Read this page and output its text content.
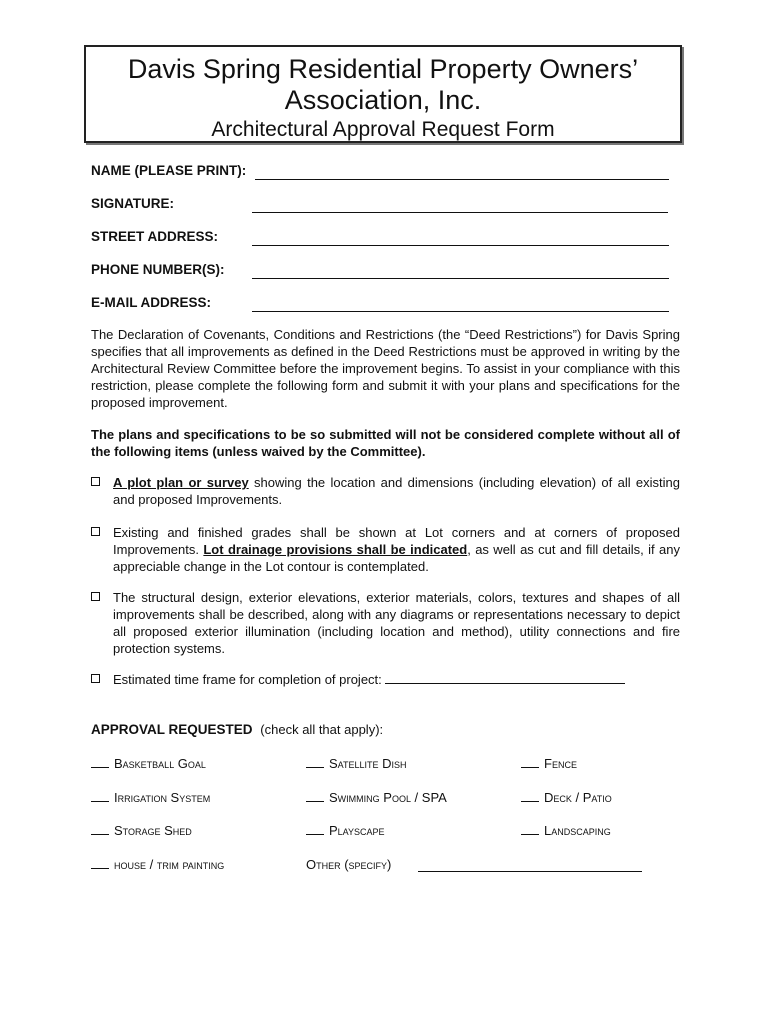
Davis Spring Residential Property Owners’
Association, Inc.
Architectural Approval Request Form
NAME (PLEASE PRINT):
SIGNATURE:
STREET ADDRESS:
PHONE NUMBER(S):
E-MAIL ADDRESS:
The Declaration of Covenants, Conditions and Restrictions (the “Deed Restrictions”) for Davis Spring specifies that all improvements as defined in the Deed Restrictions must be approved in writing by the Architectural Review Committee before the improvement begins. To assist in your compliance with this restriction, please complete the following form and submit it with your plans and specifications for the proposed improvement.
The plans and specifications to be so submitted will not be considered complete without all of the following items (unless waived by the Committee).
A plot plan or survey showing the location and dimensions (including elevation) of all existing and proposed Improvements.
Existing and finished grades shall be shown at Lot corners and at corners of proposed Improvements. Lot drainage provisions shall be indicated, as well as cut and fill details, if any appreciable change in the Lot contour is contemplated.
The structural design, exterior elevations, exterior materials, colors, textures and shapes of all improvements shall be described, along with any diagrams or representations necessary to depict all proposed exterior illumination (including location and method), utility connections and fire protection systems.
Estimated time frame for completion of project:
APPROVAL REQUESTED (check all that apply):
Basketball Goal	Satellite Dish	Fence
Irrigation System	Swimming Pool / SPA	Deck / Patio
Storage Shed	Playscape	Landscaping
house / trim painting	Other (specify)
